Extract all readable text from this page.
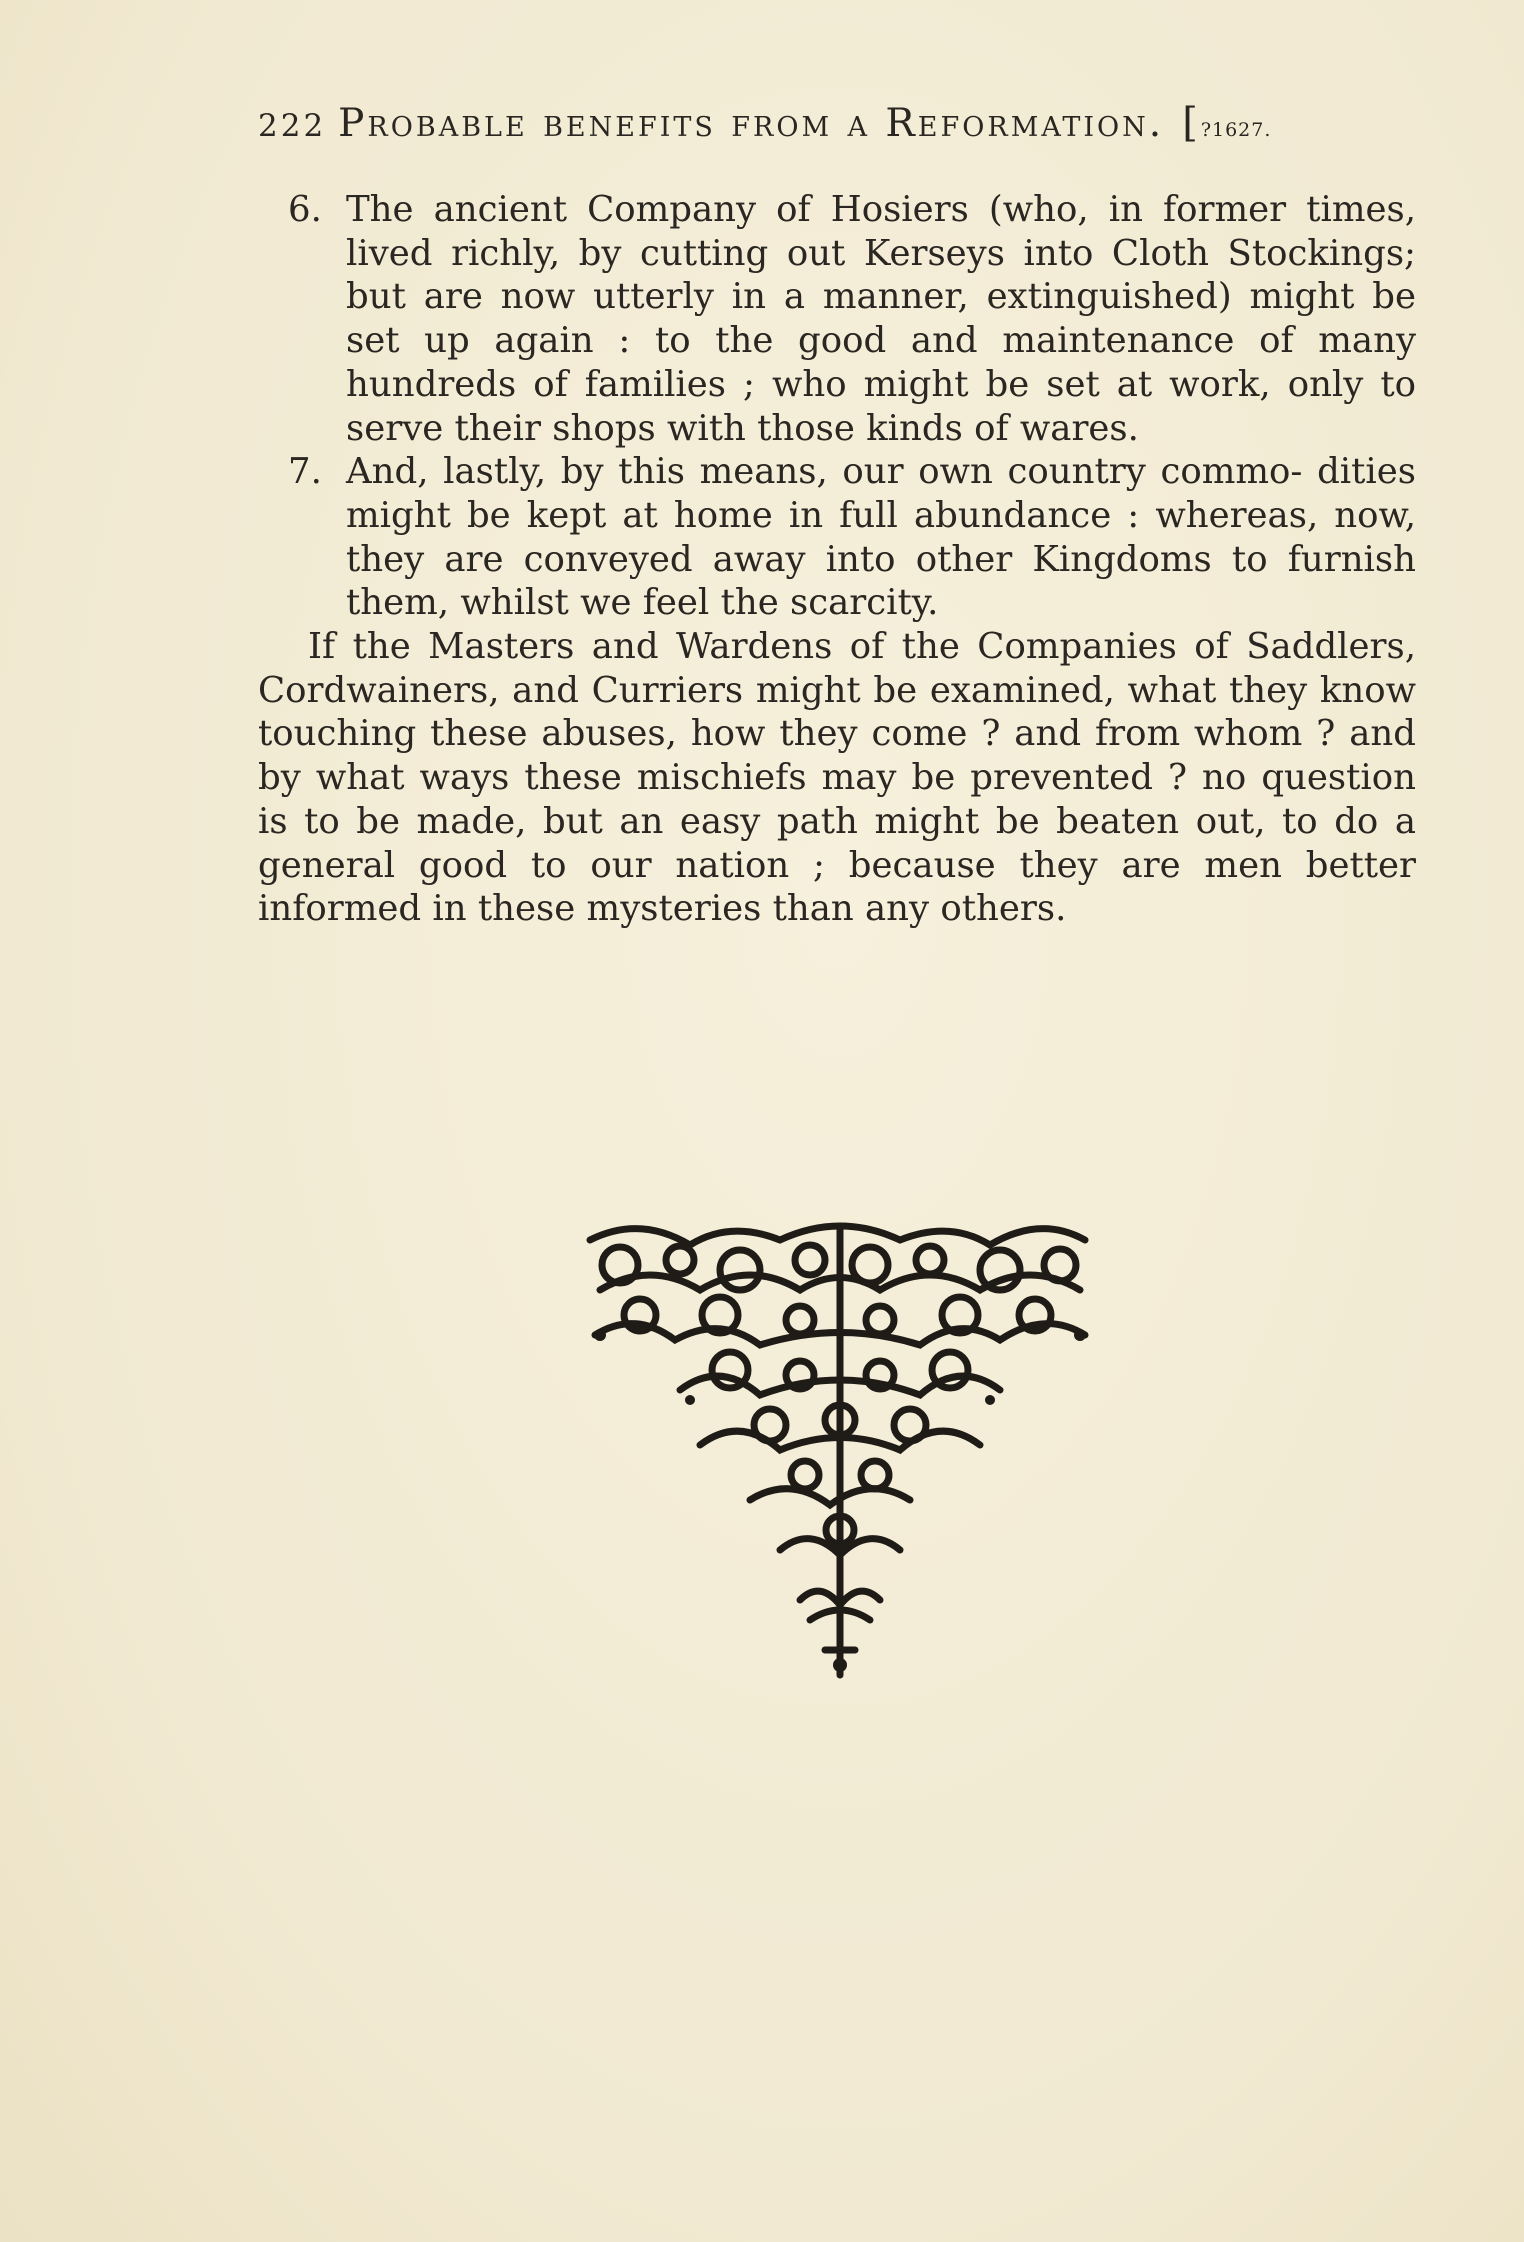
222 Probable benefits from a Reformation. [?1627.

6. The ancient Company of Hosiers (who, in former times, lived richly, by cutting out Kerseys into Cloth Stockings; but are now utterly in a manner, extinguished) might be set up again : to the good and maintenance of many hundreds of families ; who might be set at work, only to serve their shops with those kinds of wares.

7. And, lastly, by this means, our own country commo- dities might be kept at home in full abundance : whereas, now, they are conveyed away into other Kingdoms to furnish them, whilst we feel the scarcity.

If the Masters and Wardens of the Companies of Saddlers, Cordwainers, and Curriers might be examined, what they know touching these abuses, how they come ? and from whom ? and by what ways these mischiefs may be prevented ? no question is to be made, but an easy path might be beaten out, to do a general good to our nation ; because they are men better informed in these mysteries than any others.
